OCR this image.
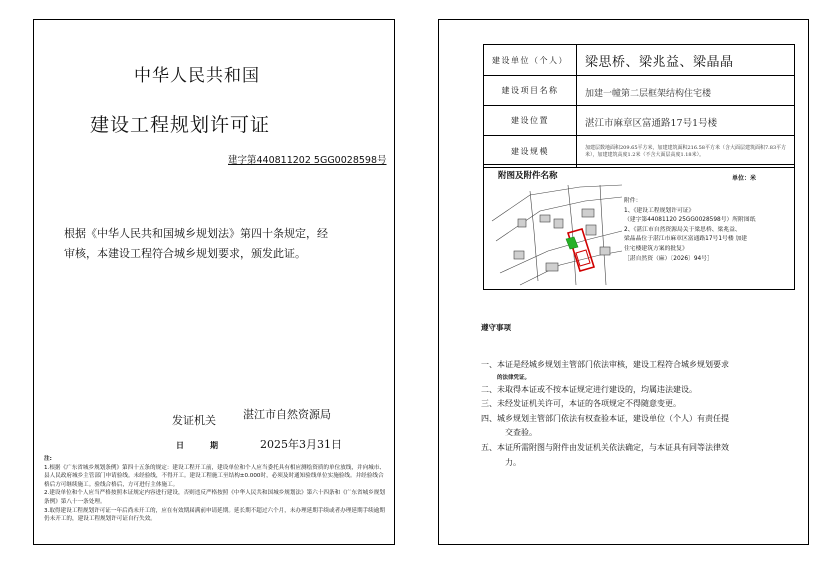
中华人民共和国
建设工程规划许可证
建字第440811202 5GG0028598号
根据《中华人民共和国城乡规划法》第四十条规定，经审核，本建设工程符合城乡规划要求，颁发此证。
发证机关 湛江市自然资源局
日期 2025年3月31日
注:
1.根据《广东省城乡规划条例》第四十五条的规定：建设工程开工前，建设单位和个人应当委托具有相应测绘资质的单位放线，并向城市、县人民政府城乡主管部门申请验线。未经验线，不得开工。建设工程施工至结构±0.000时，必须及时通知验线单位实施验线。并经验线合格后方可继续施工。验线合格后，方可进行主体施工。
2.建设单位和个人应当严格按照本证规定内容进行建设，否则违反严格按照《中华人民共和国城乡规划法》第六十四条和《广东省城乡规划条例》第八十一条处理。
3.取得建设工程规划许可证一年后尚未开工的，应在有效期届满前申请延期。延长期不超过六个月，未办理延期手续或者办理延期手续逾期仍未开工的，建设工程规划许可证自行失效。
建设单位（个人）	梁思桥、梁兆益、梁晶晶
建设项目名称	加建一幢第二层框架结构住宅楼
建设位置	湛江市麻章区富通路17号1号楼
建设规模	加建层数地面积209.65平方米，加建建筑面积216.58平方米（含大面层建筑面积7.83平方米），加建建筑高度1.2米（不含大面层高度1.18米）。
附图及附件名称	单位：米
附件：
1、《建设工程规划许可证》
（建字第44081120 25GG0028598号）所附图纸
2、《湛江市自然资源局关于梁思桥、梁兆益、
梁晶晶位于湛江市麻章区富通路17号1号楼 加建
住宅楼建筑方案的批复》
［湛自然资（麻）〔2026〕94号］
遵守事项
一、本证是经城乡规划主管部门依法审核，建设工程符合城乡规划要求
的法律凭证。
二、未取得本证或不按本证规定进行建设的，均属违法建设。
三、未经发证机关许可，本证的各项规定不得随意变更。
四、城乡规划主管部门依法有权查验本证，建设单位（个人）有责任提
交查验。
五、本证所需附图与附件由发证机关依法确定，与本证具有同等法律效
力。
